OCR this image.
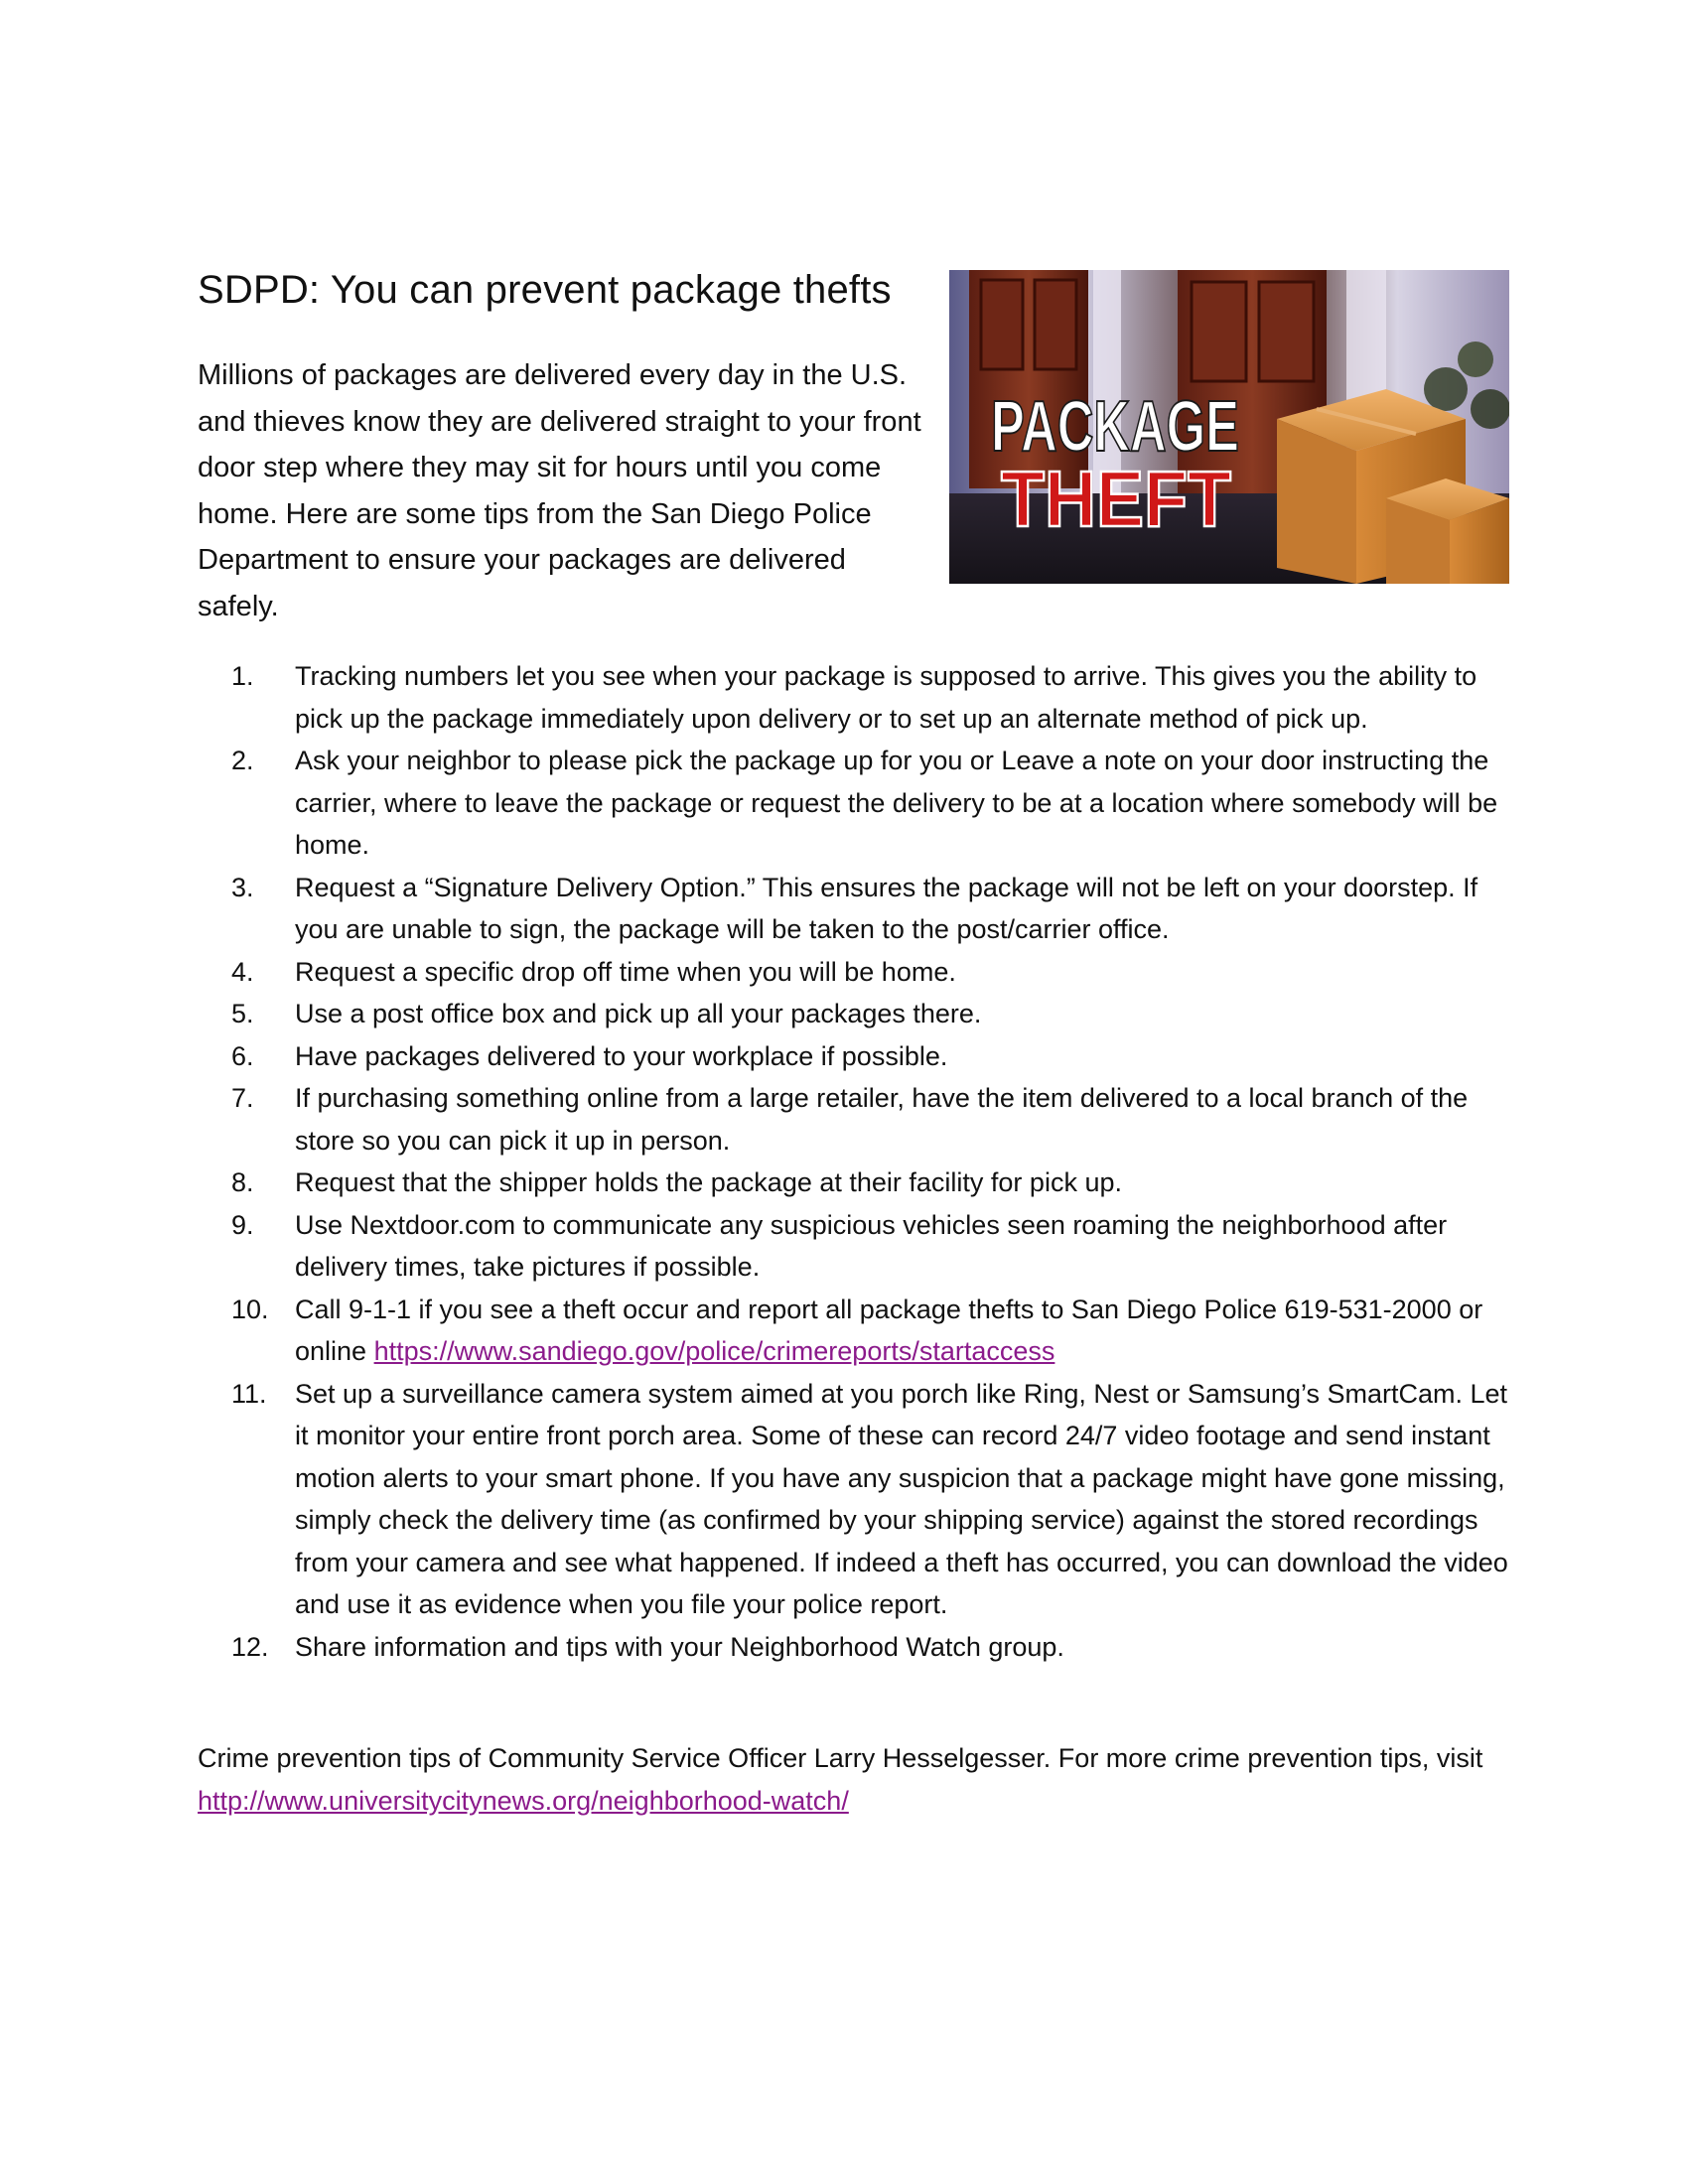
SDPD: You can prevent package thefts

Millions of packages are delivered every day in the U.S. and thieves know they are delivered straight to your front door step where they may sit for hours until you come home. Here are some tips from the San Diego Police Department to ensure your packages are delivered safely.

PACKAGE
THEFT
1. Tracking numbers let you see when your package is supposed to arrive. This gives you the ability to pick up the package immediately upon delivery or to set up an alternate method of pick up.
2. Ask your neighbor to please pick the package up for you or Leave a note on your door instructing the carrier, where to leave the package or request the delivery to be at a location where somebody will be home.
3. Request a “Signature Delivery Option.” This ensures the package will not be left on your doorstep. If you are unable to sign, the package will be taken to the post/carrier office.
4. Request a specific drop off time when you will be home.
5. Use a post office box and pick up all your packages there.
6. Have packages delivered to your workplace if possible.
7. If purchasing something online from a large retailer, have the item delivered to a local branch of the store so you can pick it up in person.
8. Request that the shipper holds the package at their facility for pick up.
9. Use Nextdoor.com to communicate any suspicious vehicles seen roaming the neighborhood after delivery times, take pictures if possible.
10. Call 9-1-1 if you see a theft occur and report all package thefts to San Diego Police 619-531-2000 or online https://www.sandiego.gov/police/crimereports/startaccess
11. Set up a surveillance camera system aimed at you porch like Ring, Nest or Samsung’s SmartCam. Let it monitor your entire front porch area. Some of these can record 24/7 video footage and send instant motion alerts to your smart phone. If you have any suspicion that a package might have gone missing, simply check the delivery time (as confirmed by your shipping service) against the stored recordings from your camera and see what happened. If indeed a theft has occurred, you can download the video and use it as evidence when you file your police report.
12. Share information and tips with your Neighborhood Watch group.

Crime prevention tips of Community Service Officer Larry Hesselgesser. For more crime prevention tips, visit http://www.universitycitynews.org/neighborhood-watch/
